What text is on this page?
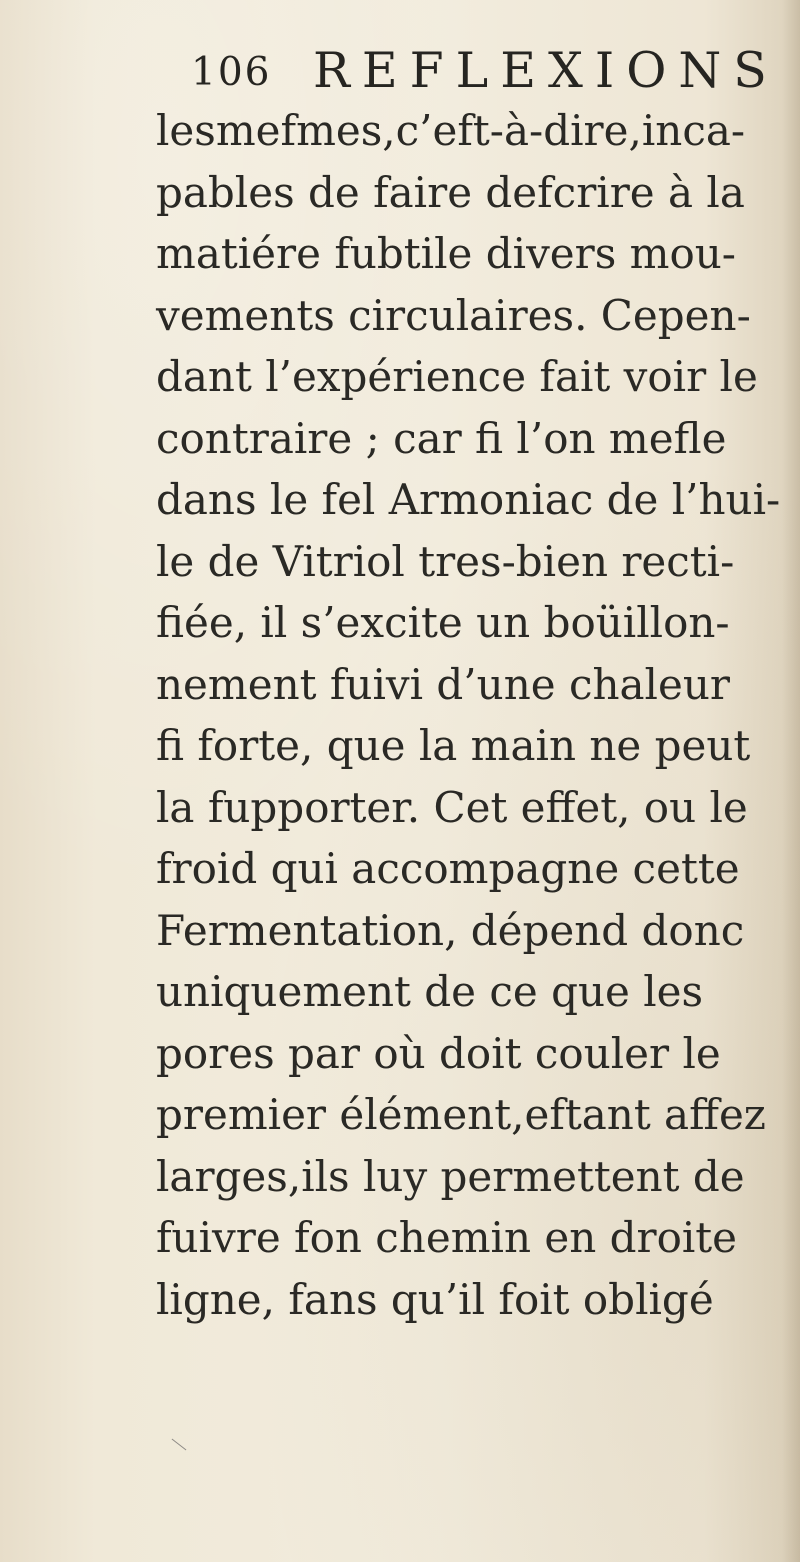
106 REFLEXIONS
lesmefmes,c’eft-à-dire,inca-
pables de faire defcrire à la
matiére fubtile divers mou-
vements circulaires. Cepen-
dant l’expérience fait voir le
contraire ; car fi l’on mefle
dans le fel Armoniac de l’hui-
le de Vitriol tres-bien recti-
fiée, il s’excite un boüillon-
nement fuivi d’une chaleur
fi forte, que la main ne peut
la fupporter. Cet effet, ou le
froid qui accompagne cette
Fermentation, dépend donc
uniquement de ce que les
pores par où doit couler le
premier élément,eftant affez
larges,ils luy permettent de
fuivre fon chemin en droite
ligne, fans qu’il foit obligé
